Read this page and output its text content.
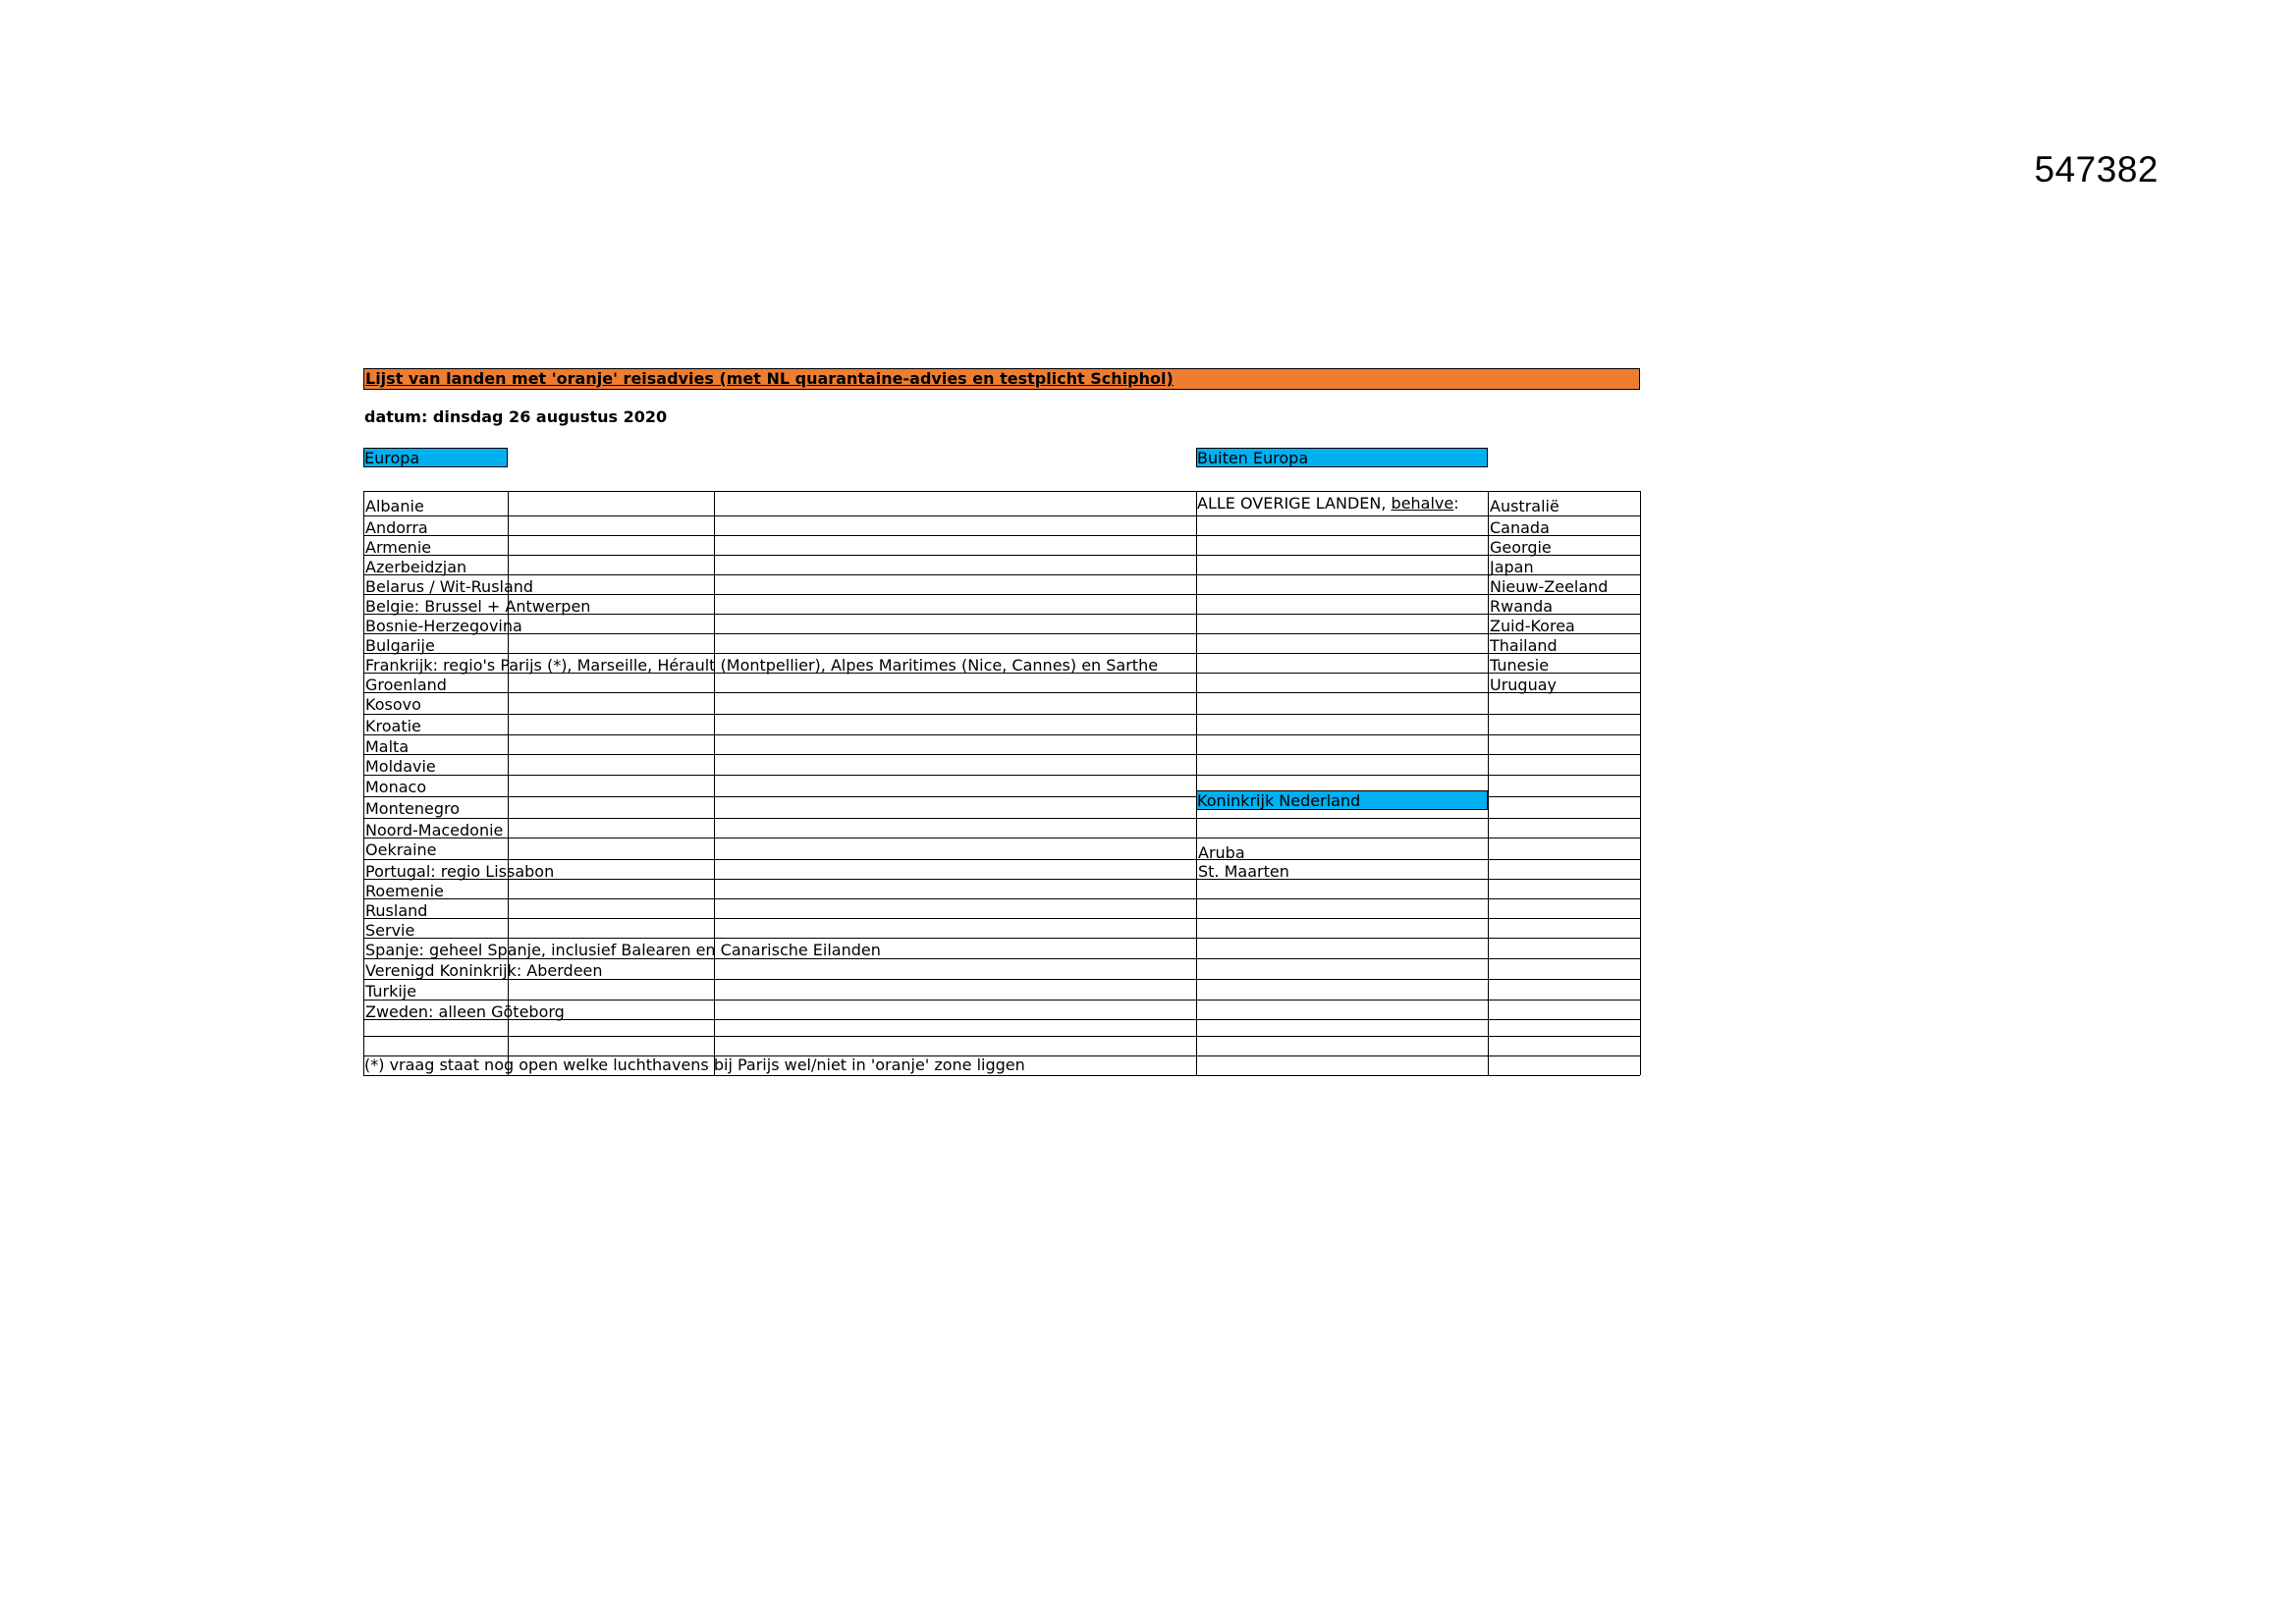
547382
Lijst van landen met 'oranje' reisadvies (met NL quarantaine-advies en testplicht Schiphol)
datum: dinsdag 26 augustus 2020
Europa	Buiten Europa
Albanie
Andorra
Armenie
Azerbeidzjan
Belarus / Wit-Rusland
Belgie: Brussel + Antwerpen
Bosnie-Herzegovina
Bulgarije
Frankrijk: regio's Parijs (*), Marseille, Hérault (Montpellier), Alpes Maritimes (Nice, Cannes) en Sarthe
Groenland
Kosovo
Kroatie
Malta
Moldavie
Monaco
Montenegro
Noord-Macedonie
Oekraine
Portugal: regio Lissabon
Roemenie
Rusland
Servie
Spanje: geheel Spanje, inclusief Balearen en Canarische Eilanden
Verenigd Koninkrijk: Aberdeen
Turkije
Zweden: alleen Göteborg
Australië
Canada
Georgie
Japan
Nieuw-Zeeland
Rwanda
Zuid-Korea
Thailand
Tunesie
Uruguay
Aruba
St. Maarten
ALLE OVERIGE LANDEN, behalve:
Koninkrijk Nederland
(*) vraag staat nog open welke luchthavens bij Parijs wel/niet in 'oranje' zone liggen
